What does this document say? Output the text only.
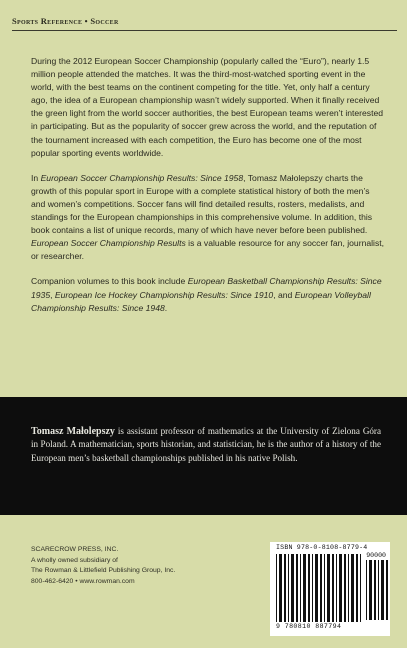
Sports Reference • Soccer

During the 2012 European Soccer Championship (popularly called the “Euro”), nearly 1.5 million people attended the matches. It was the third-most-watched sporting event in the world, with the best teams on the continent competing for the title. Yet, only half a century ago, the idea of a European championship wasn’t widely supported. When it finally received the green light from the world soccer authorities, the best European teams weren’t interested in participating. But as the popularity of soccer grew across the world, and the reputation of the tournament increased with each competition, the Euro has become one of the most popular sporting events worldwide.

In European Soccer Championship Results: Since 1958, Tomasz Małolepszy charts the growth of this popular sport in Europe with a complete statistical history of both the men’s and women’s competitions. Soccer fans will find detailed results, rosters, medalists, and standings for the European championships in this comprehensive volume. In addition, this book contains a list of unique records, many of which have never before been published. European Soccer Championship Results is a valuable resource for any soccer fan, journalist, or researcher.

Companion volumes to this book include European Basketball Championship Results: Since 1935, European Ice Hockey Championship Results: Since 1910, and European Volleyball Championship Results: Since 1948.

Tomasz Małolepszy is assistant professor of mathematics at the University of Zielona Góra in Poland. A mathematician, sports historian, and statistician, he is the author of a history of the European men’s basketball championships published in his native Polish.
SCARECROW PRESS, INC.
A wholly owned subsidiary of
The Rowman & Littlefield Publishing Group, Inc.
800-462-6420 • www.rowman.com
ISBN 978-0-8108-8779-4
90000
9 780810 887794
